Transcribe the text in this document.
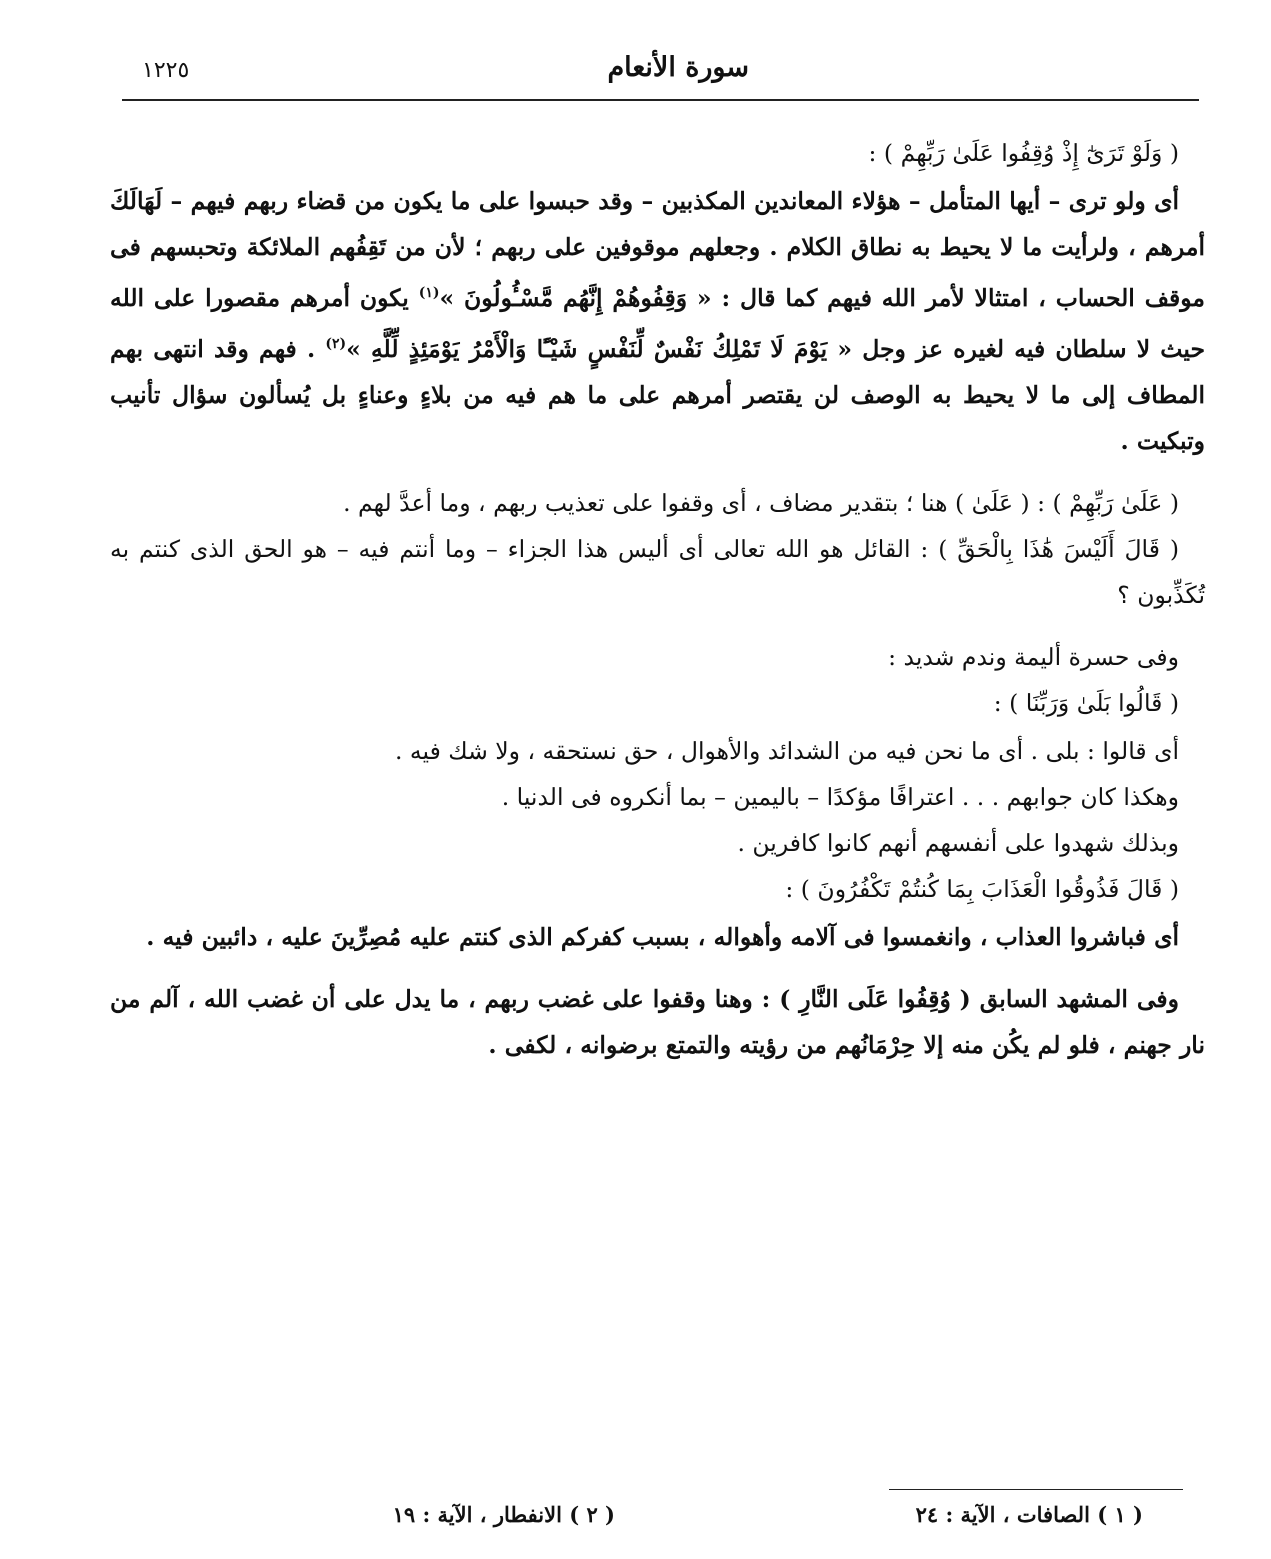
سورة الأنعام
١٢٢٥

( وَلَوْ تَرَىٰٓ إِذْ وُقِفُوا عَلَىٰ رَبِّهِمْ ) :

أى ولو ترى – أيها المتأمل – هؤلاء المعاندين المكذبين – وقد حبسوا على ما يكون من قضاء ربهم فيهم – لَهَالَكَ أمرهم ، ولرأيت ما لا يحيط به نطاق الكلام . وجعلهم موقوفين على ربهم ؛ لأن من تَقِفُهم الملائكة وتحبسهم فى موقف الحساب ، امتثالا لأمر الله فيهم كما قال : « وَقِفُوهُمْ إِنَّهُم مَّسْـُٔولُونَ »$^{(١)}$ يكون أمرهم مقصورا على الله حيث لا سلطان فيه لغيره عز وجل « يَوْمَ لَا تَمْلِكُ نَفْسٌ لِّنَفْسٍ شَيْـًٔا وَالْأَمْرُ يَوْمَئِذٍ لِّلَّهِ »$^{(٢)}$ . فهم وقد انتهى بهم المطاف إلى ما لا يحيط به الوصف لن يقتصر أمرهم على ما هم فيه من بلاءٍ وعناءٍ بل يُسألون سؤال تأنيب وتبكيت .

( عَلَىٰ رَبِّهِمْ ) : ( عَلَىٰ ) هنا ؛ بتقدير مضاف ، أى وقفوا على تعذيب ربهم ، وما أعدَّ لهم .

( قَالَ أَلَيْسَ هَٰذَا بِالْحَقِّ ) : القائل هو الله تعالى أى أليس هذا الجزاء – وما أنتم فيه – هو الحق الذى كنتم به تُكَذِّبون ؟

وفى حسرة أليمة وندم شديد :

( قَالُوا بَلَىٰ وَرَبِّنَا ) :

أى قالوا : بلى . أى ما نحن فيه من الشدائد والأهوال ، حق نستحقه ، ولا شك فيه .

وهكذا كان جوابهم . . . اعترافًا مؤكدًا – باليمين – بما أنكروه فى الدنيا .

وبذلك شهدوا على أنفسهم أنهم كانوا كافرين .

( قَالَ فَذُوقُوا الْعَذَابَ بِمَا كُنتُمْ تَكْفُرُونَ ) :

أى فباشروا العذاب ، وانغمسوا فى آلامه وأهواله ، بسبب كفركم الذى كنتم عليه مُصِرِّينَ عليه ، دائبين فيه .

وفى المشهد السابق ( وُقِفُوا عَلَى النَّارِ ) : وهنا وقفوا على غضب ربهم ، ما يدل على أن غضب الله ، آلم من نار جهنم ، فلو لم يكُن منه إلا حِرْمَانُهم من رؤيته والتمتع برضوانه ، لكفى .

( ١ ) الصافات ، الآية : ٢٤
( ٢ ) الانفطار ، الآية : ١٩
